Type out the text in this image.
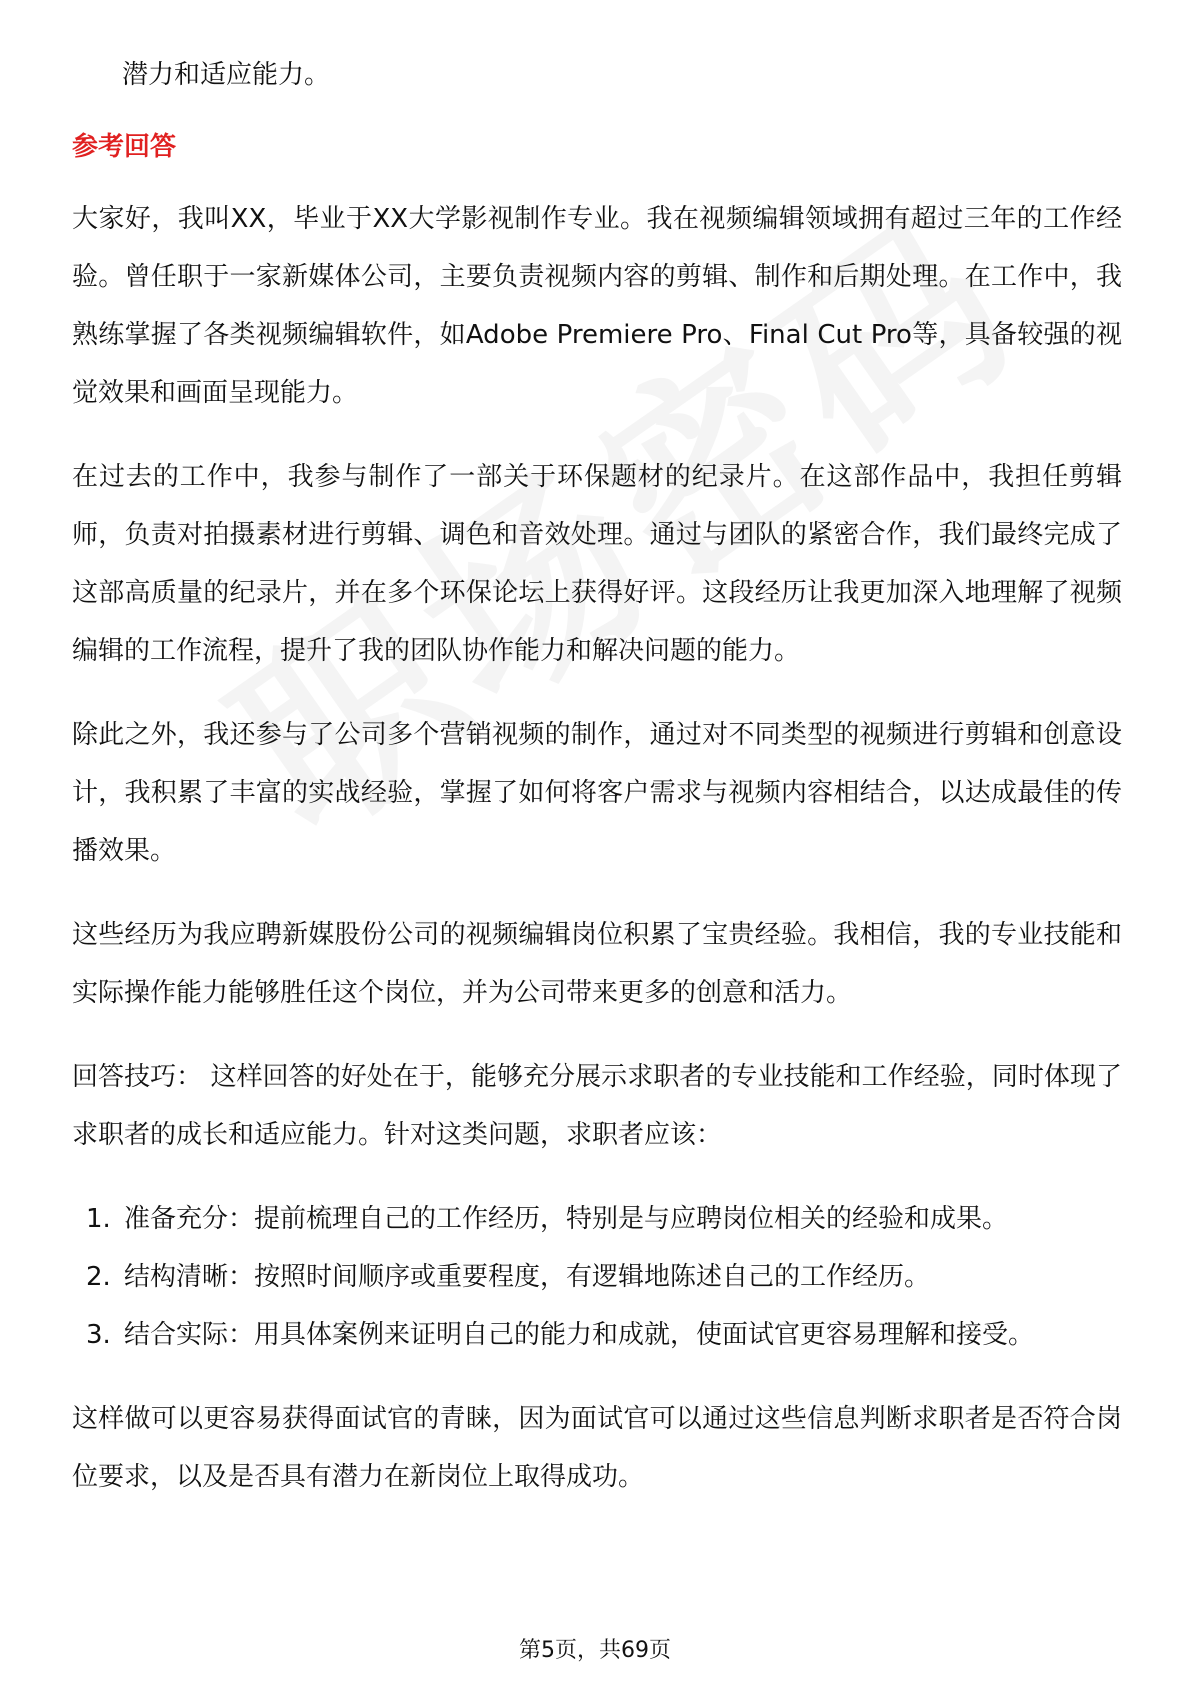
潜力和适应能力。

参考回答

大家好，我叫XX，毕业于XX大学影视制作专业。我在视频编辑领域拥有超过三年的工作经验。曾任职于一家新媒体公司，主要负责视频内容的剪辑、制作和后期处理。在工作中，我熟练掌握了各类视频编辑软件，如Adobe Premiere Pro、Final Cut Pro等，具备较强的视觉效果和画面呈现能力。

在过去的工作中，我参与制作了一部关于环保题材的纪录片。在这部作品中，我担任剪辑师，负责对拍摄素材进行剪辑、调色和音效处理。通过与团队的紧密合作，我们最终完成了这部高质量的纪录片，并在多个环保论坛上获得好评。这段经历让我更加深入地理解了视频编辑的工作流程，提升了我的团队协作能力和解决问题的能力。

除此之外，我还参与了公司多个营销视频的制作，通过对不同类型的视频进行剪辑和创意设计，我积累了丰富的实战经验，掌握了如何将客户需求与视频内容相结合，以达成最佳的传播效果。

这些经历为我应聘新媒股份公司的视频编辑岗位积累了宝贵经验。我相信，我的专业技能和实际操作能力能够胜任这个岗位，并为公司带来更多的创意和活力。

回答技巧： 这样回答的好处在于，能够充分展示求职者的专业技能和工作经验，同时体现了求职者的成长和适应能力。针对这类问题，求职者应该：

1. 准备充分：提前梳理自己的工作经历，特别是与应聘岗位相关的经验和成果。
2. 结构清晰：按照时间顺序或重要程度，有逻辑地陈述自己的工作经历。
3. 结合实际：用具体案例来证明自己的能力和成就，使面试官更容易理解和接受。

这样做可以更容易获得面试官的青睐，因为面试官可以通过这些信息判断求职者是否符合岗位要求，以及是否具有潜力在新岗位上取得成功。

第5页，共69页
